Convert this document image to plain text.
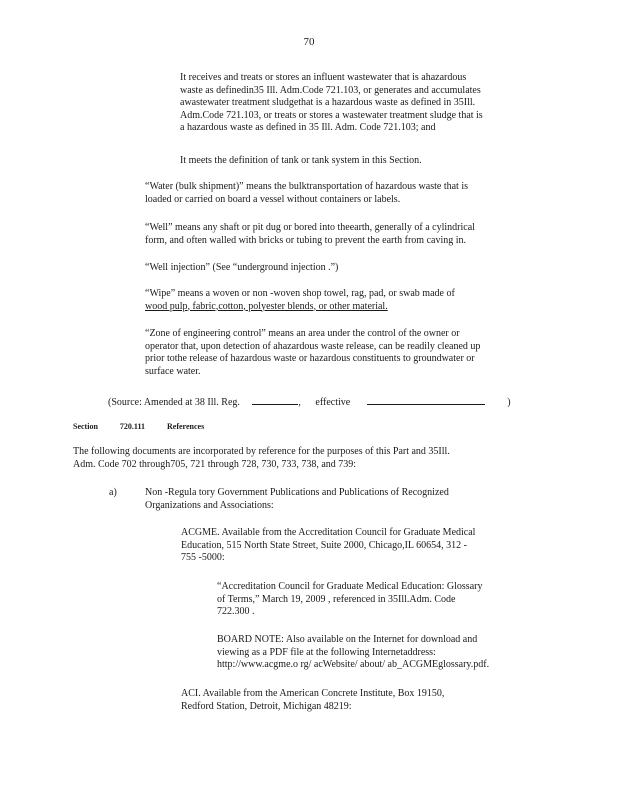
70
It receives and treats or stores an influent wastewater that is ahazardous
waste as definedin35 Ill. Adm.Code 721.103, or generates and accumulates
awastewater treatment sludgethat is a hazardous waste as defined in 35Ill.
Adm.Code 721.103, or treats or stores a wastewater treatment sludge that is
a hazardous waste as defined in 35 Ill. Adm. Code 721.103; and
It meets the definition of tank or tank system in this Section.
“Water (bulk shipment)” means the bulktransportation of hazardous waste that is
loaded or carried on board a vessel without containers or labels.
“Well” means any shaft or pit dug or bored into theearth, generally of a cylindrical
form, and often walled with bricks or tubing to prevent the earth from caving in.
“Well injection” (See “underground injection .”)
“Wipe” means a woven or non -woven shop towel, rag, pad, or swab made of
wood pulp, fabric,cotton, polyester blends, or other material.
“Zone of engineering control” means an area under the control of the owner or
operator that, upon detection of ahazardous waste release, can be readily cleaned up
prior tothe release of hazardous waste or hazardous constituents to groundwater or
surface water.
(Source: Amended at 38 Ill. Reg.	, effective	)
Section	720.111	References
The following documents are incorporated by reference for the purposes of this Part and 35Ill.
Adm. Code 702 through705, 721 through 728, 730, 733, 738, and 739:
a)	Non -Regula tory Government Publications and Publications of Recognized
Organizations and Associations:
ACGME. Available from the Accreditation Council for Graduate Medical
Education, 515 North State Street, Suite 2000, Chicago,IL 60654, 312 -
755 -5000:
“Accreditation Council for Graduate Medical Education: Glossary
of Terms,” March 19, 2009 , referenced in 35Ill.Adm. Code
722.300 .
BOARD NOTE: Also available on the Internet for download and
viewing as a PDF file at the following Internetaddress:
http://www.acgme.o rg/ acWebsite/ about/ ab_ACGMEglossary.pdf.
ACI. Available from the American Concrete Institute, Box 19150,
Redford Station, Detroit, Michigan 48219:
